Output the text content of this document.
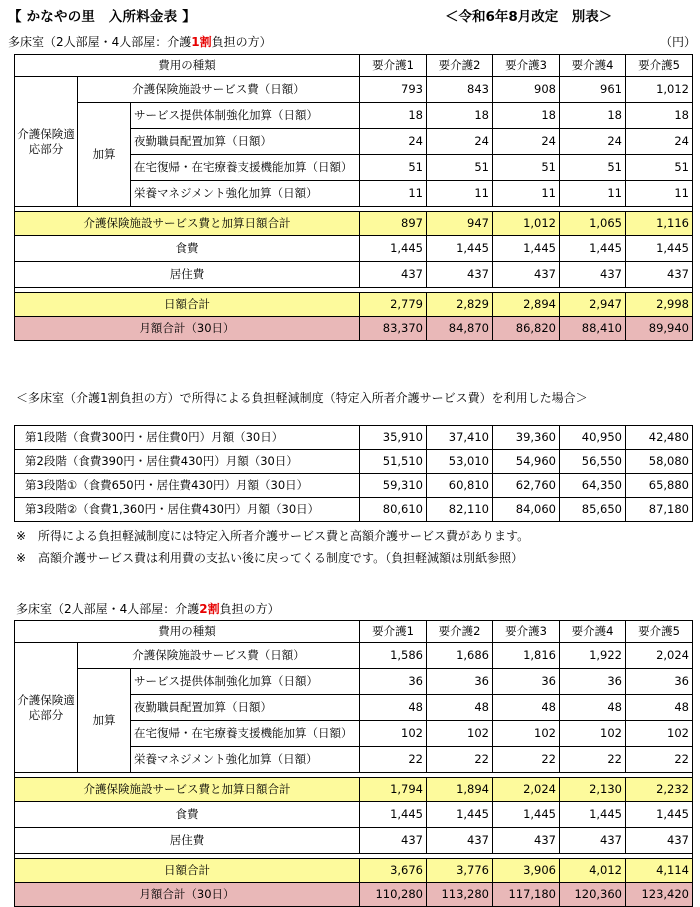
【 かなやの里　入所料金表 】	＜令和6年8月改定　別表＞
多床室（2人部屋・4人部屋：介護1割負担の方）	（円）
費用の種類			要介護1	要介護2	要介護3	要介護4	要介護5
介護保険適応部分	介護保険施設サービス費（日額）		793	843	908	961	1,012
	加算	サービス提供体制強化加算（日額）	18	18	18	18	18
		夜勤職員配置加算（日額）	24	24	24	24	24
		在宅復帰・在宅療養支援機能加算（日額）	51	51	51	51	51
		栄養マネジメント強化加算（日額）	11	11	11	11	11

介護保険施設サービス費と加算日額合計			897	947	1,012	1,065	1,116
食費			1,445	1,445	1,445	1,445	1,445
居住費			437	437	437	437	437

日額合計			2,779	2,829	2,894	2,947	2,998
月額合計（30日）			83,370	84,870	86,820	88,410	89,940
＜多床室（介護1割負担の方）で所得による負担軽減制度（特定入所者介護サービス費）を利用した場合＞
第1段階（食費300円・居住費0円）月額（30日）	35,910	37,410	39,360	40,950	42,480
第2段階（食費390円・居住費430円）月額（30日）	51,510	53,010	54,960	56,550	58,080
第3段階①（食費650円・居住費430円）月額（30日）	59,310	60,810	62,760	64,350	65,880
第3段階②（食費1,360円・居住費430円）月額（30日）	80,610	82,110	84,060	85,650	87,180
※　所得による負担軽減制度には特定入所者介護サービス費と高額介護サービス費があります。
※　高額介護サービス費は利用費の支払い後に戻ってくる制度です。（負担軽減額は別紙参照）
多床室（2人部屋・4人部屋：介護2割負担の方）
費用の種類			要介護1	要介護2	要介護3	要介護4	要介護5
介護保険適応部分	介護保険施設サービス費（日額）		1,586	1,686	1,816	1,922	2,024
	加算	サービス提供体制強化加算（日額）	36	36	36	36	36
		夜勤職員配置加算（日額）	48	48	48	48	48
		在宅復帰・在宅療養支援機能加算（日額）	102	102	102	102	102
		栄養マネジメント強化加算（日額）	22	22	22	22	22

介護保険施設サービス費と加算日額合計			1,794	1,894	2,024	2,130	2,232
食費			1,445	1,445	1,445	1,445	1,445
居住費			437	437	437	437	437

日額合計			3,676	3,776	3,906	4,012	4,114
月額合計（30日）			110,280	113,280	117,180	120,360	123,420
